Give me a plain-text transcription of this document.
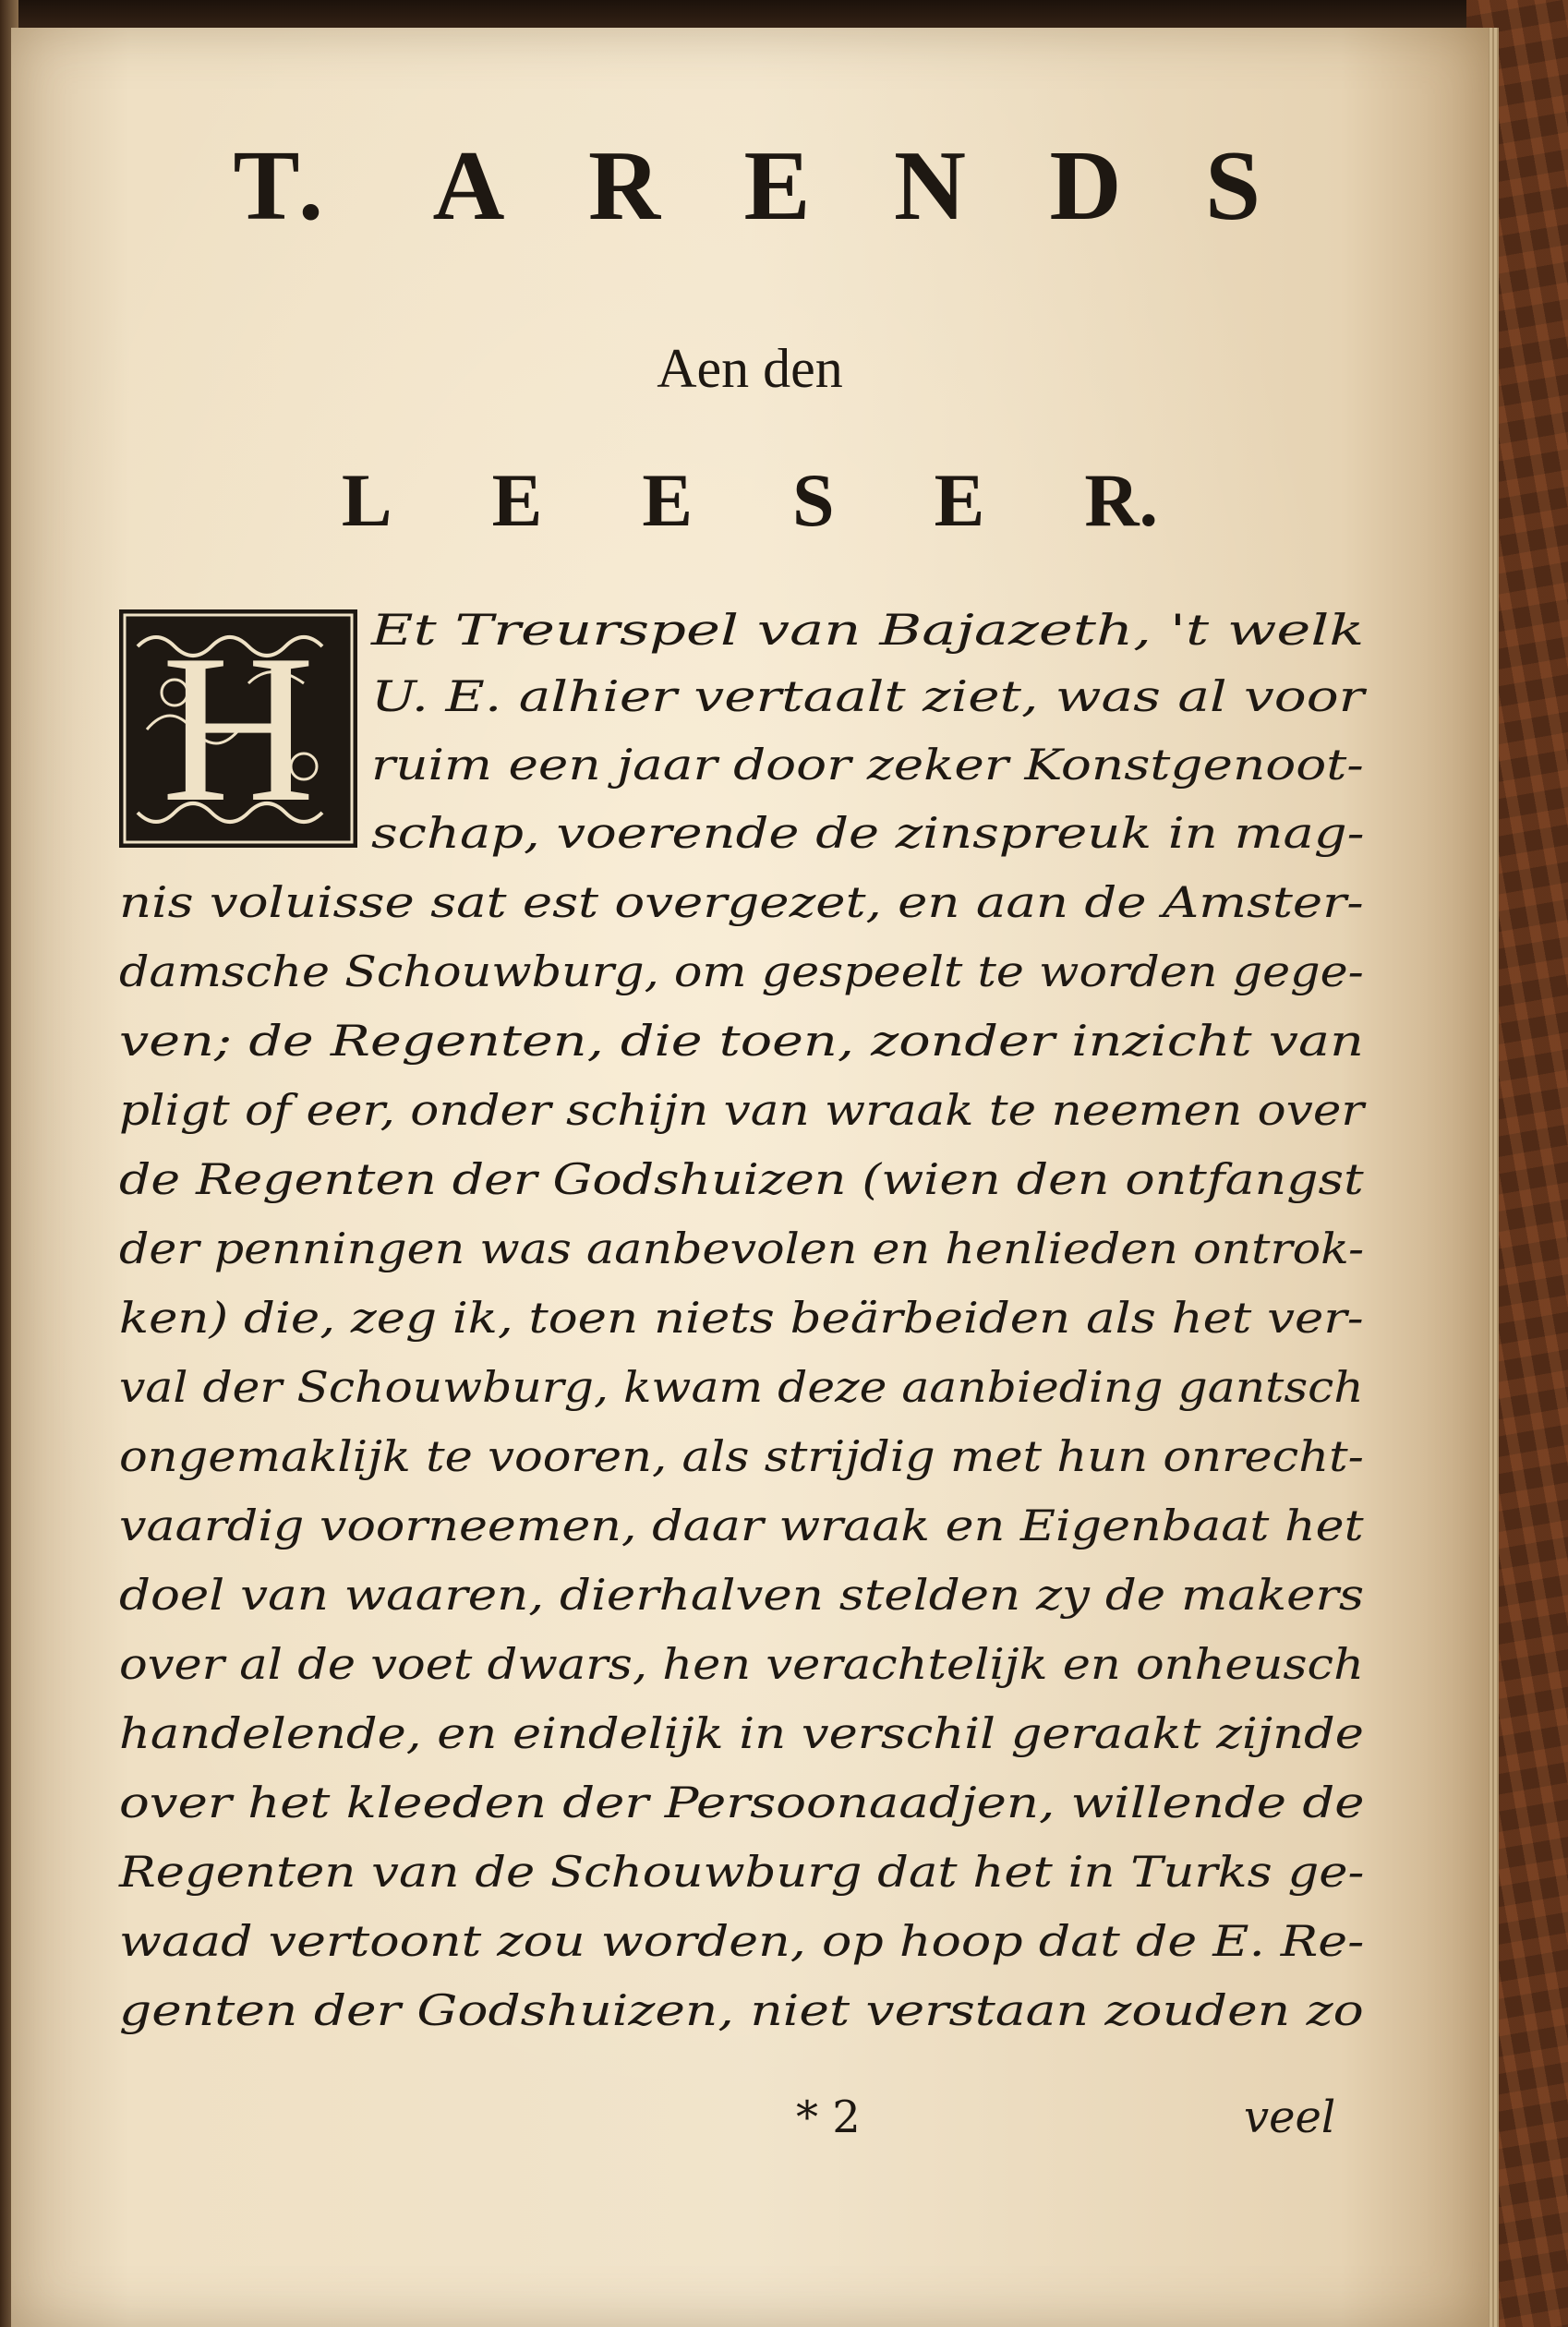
T. A R E N D S

Aen den

L E E S E R.
H	Et Treurspel van Bajazeth, 't welk

U. E. alhier vertaalt ziet, was al voor

ruim een jaar door zeker Konstgenoot-

schap, voerende de zinspreuk in mag-

nis voluisse sat est overgezet, en aan de Amster-

damsche Schouwburg, om gespeelt te worden gege-

ven; de Regenten, die toen, zonder inzicht van

pligt of eer, onder schijn van wraak te neemen over

de Regenten der Godshuizen (wien den ontfangst

der penningen was aanbevolen en henlieden ontrok-

ken) die, zeg ik, toen niets beärbeiden als het ver-

val der Schouwburg, kwam deze aanbieding gantsch

ongemaklijk te vooren, als strijdig met hun onrecht-

vaardig voorneemen, daar wraak en Eigenbaat het

doel van waaren, dierhalven stelden zy de makers

over al de voet dwars, hen verachtelijk en onheusch

handelende, en eindelijk in verschil geraakt zijnde

over het kleeden der Persoonaadjen, willende de

Regenten van de Schouwburg dat het in Turks ge-

waad vertoont zou worden, op hoop dat de E. Re-

genten der Godshuizen, niet verstaan zouden zo

* 2	veel
